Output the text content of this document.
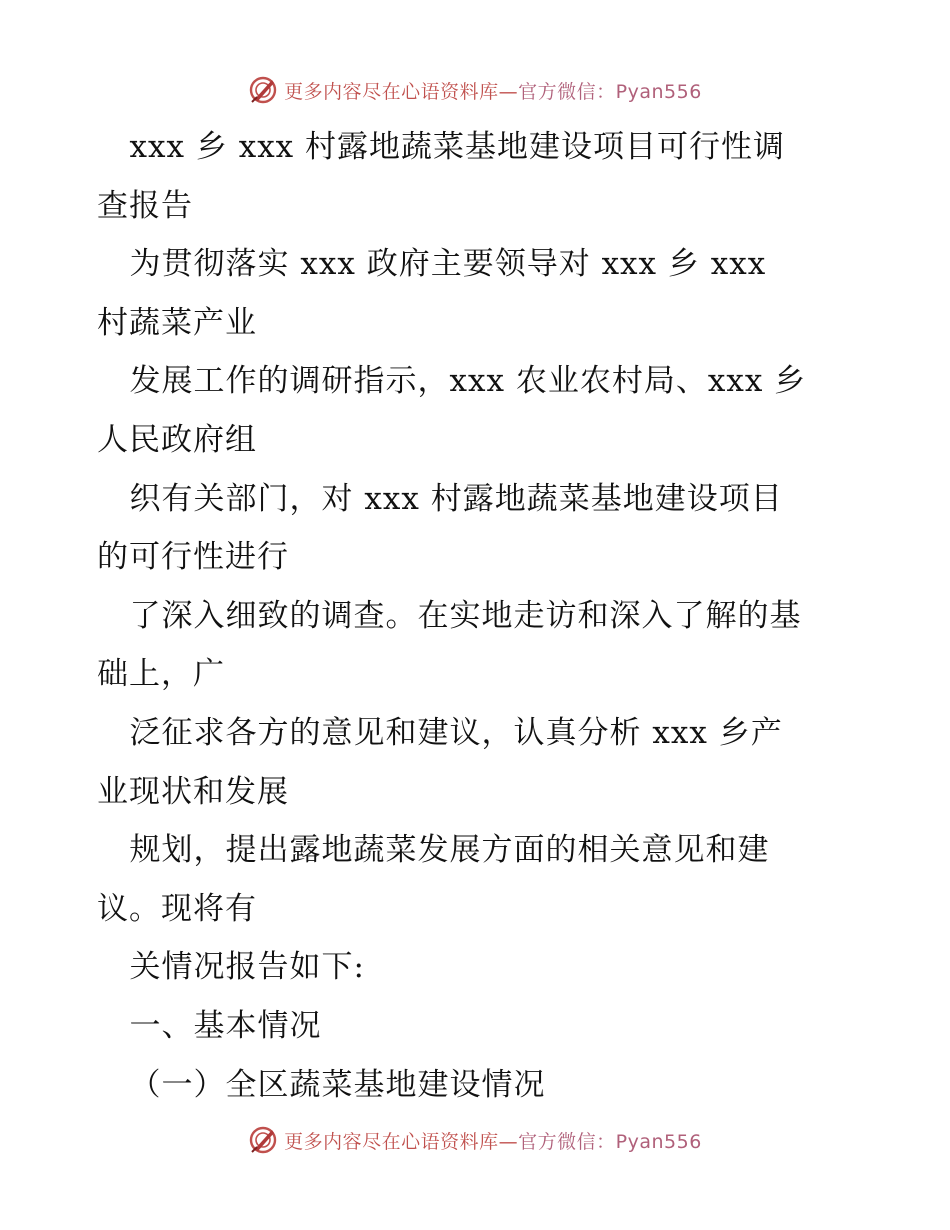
更多内容尽在心语资料库—官方微信：Pyan556
xxx 乡 xxx 村露地蔬菜基地建设项目可行性调
查报告
为贯彻落实 xxx 政府主要领导对 xxx 乡 xxx
村蔬菜产业
发展工作的调研指示，xxx 农业农村局、xxx 乡
人民政府组
织有关部门，对 xxx 村露地蔬菜基地建设项目
的可行性进行
了深入细致的调查。在实地走访和深入了解的基
础上，广
泛征求各方的意见和建议，认真分析 xxx 乡产
业现状和发展
规划，提出露地蔬菜发展方面的相关意见和建
议。现将有
关情况报告如下:
一、基本情况
（一）全区蔬菜基地建设情况
更多内容尽在心语资料库—官方微信：Pyan556
